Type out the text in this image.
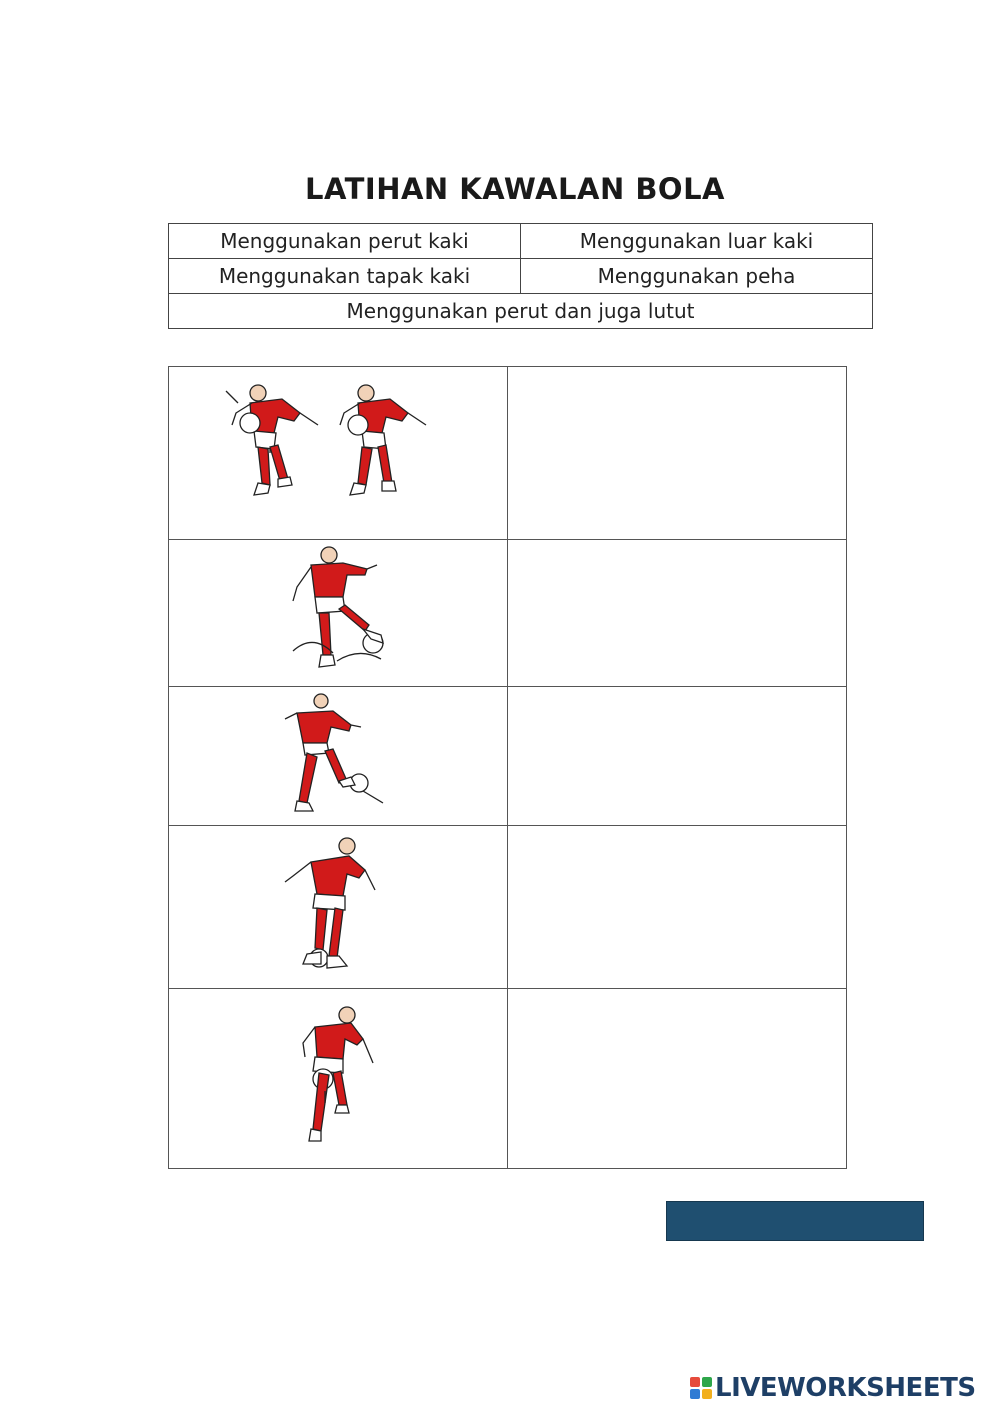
LATIHAN KAWALAN BOLA
Menggunakan perut kaki	Menggunakan luar kaki
Menggunakan tapak kaki	Menggunakan peha
Menggunakan perut dan juga lutut	

LIVEWORKSHEETS
